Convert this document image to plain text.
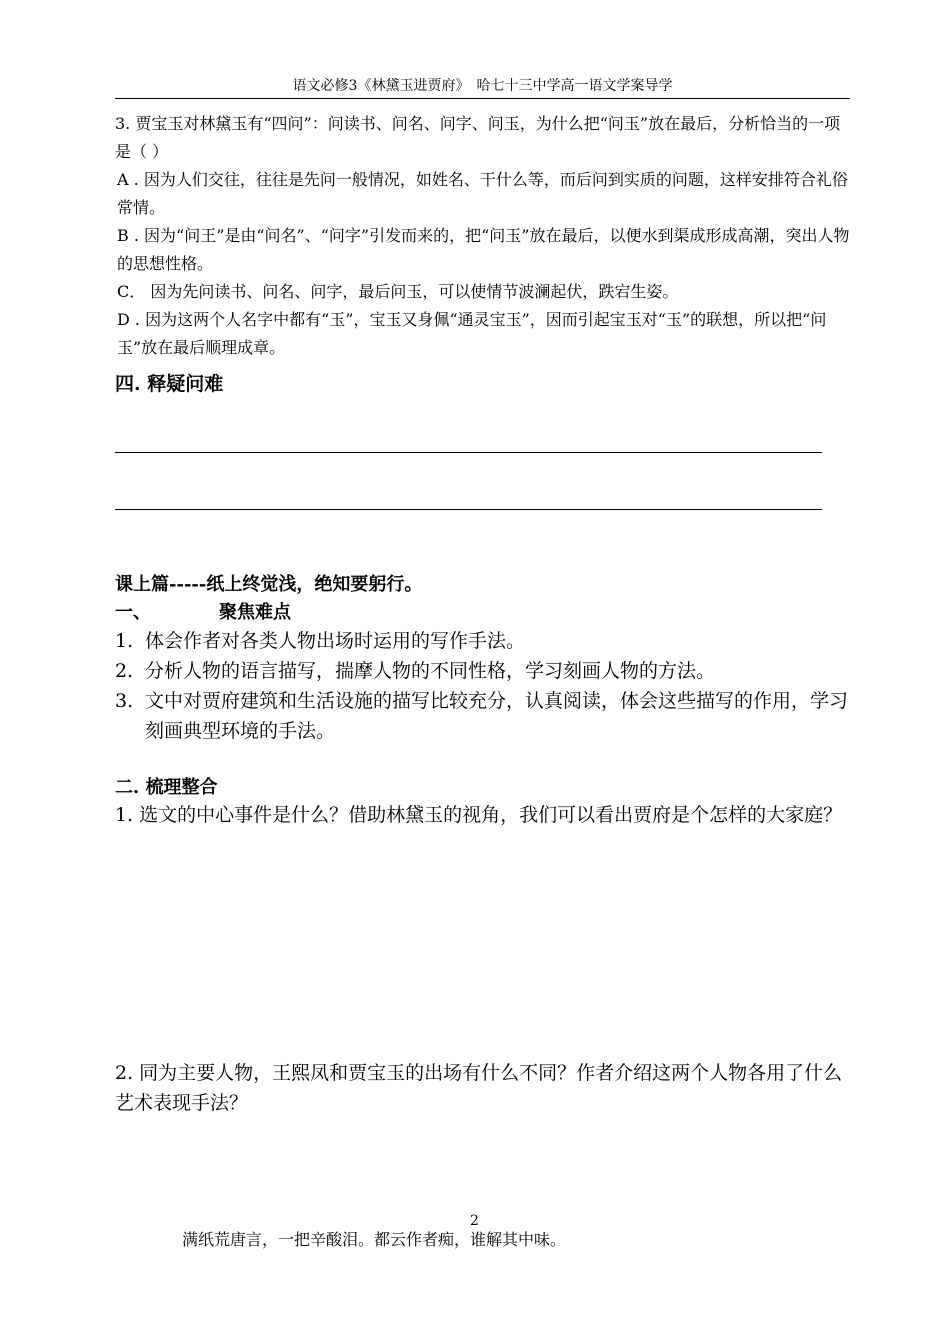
语文必修3《林黛玉进贾府》　哈七十三中学高一语文学案导学
3. 贾宝玉对林黛玉有“四问”：问读书、问名、问字、问玉，为什么把“问玉”放在最后，分析恰当的一项是（ ）
A . 因为人们交往，往往是先问一般情况，如姓名、干什么等，而后问到实质的问题，这样安排符合礼俗常情。
B . 因为“问王”是由“问名”、“问字”引发而来的，把“问玉”放在最后，以便水到渠成形成高潮，突出人物的思想性格。
C． 因为先问读书、问名、问字，最后问玉，可以使情节波澜起伏，跌宕生姿。
D . 因为这两个人名字中都有“玉”，宝玉又身佩“通灵宝玉”，因而引起宝玉对“玉”的联想，所以把“问玉”放在最后顺理成章。
四. 释疑问难
课上篇-----纸上终觉浅，绝知要躬行。
一、	聚焦难点
1. 体会作者对各类人物出场时运用的写作手法。
2. 分析人物的语言描写，揣摩人物的不同性格，学习刻画人物的方法。
3. 文中对贾府建筑和生活设施的描写比较充分，认真阅读，体会这些描写的作用，学习刻画典型环境的手法。
二. 梳理整合
1. 选文的中心事件是什么？借助林黛玉的视角，我们可以看出贾府是个怎样的大家庭？
2. 同为主要人物，王熙凤和贾宝玉的出场有什么不同？作者介绍这两个人物各用了什么艺术表现手法？
2
满纸荒唐言，一把辛酸泪。都云作者痴，谁解其中味。
